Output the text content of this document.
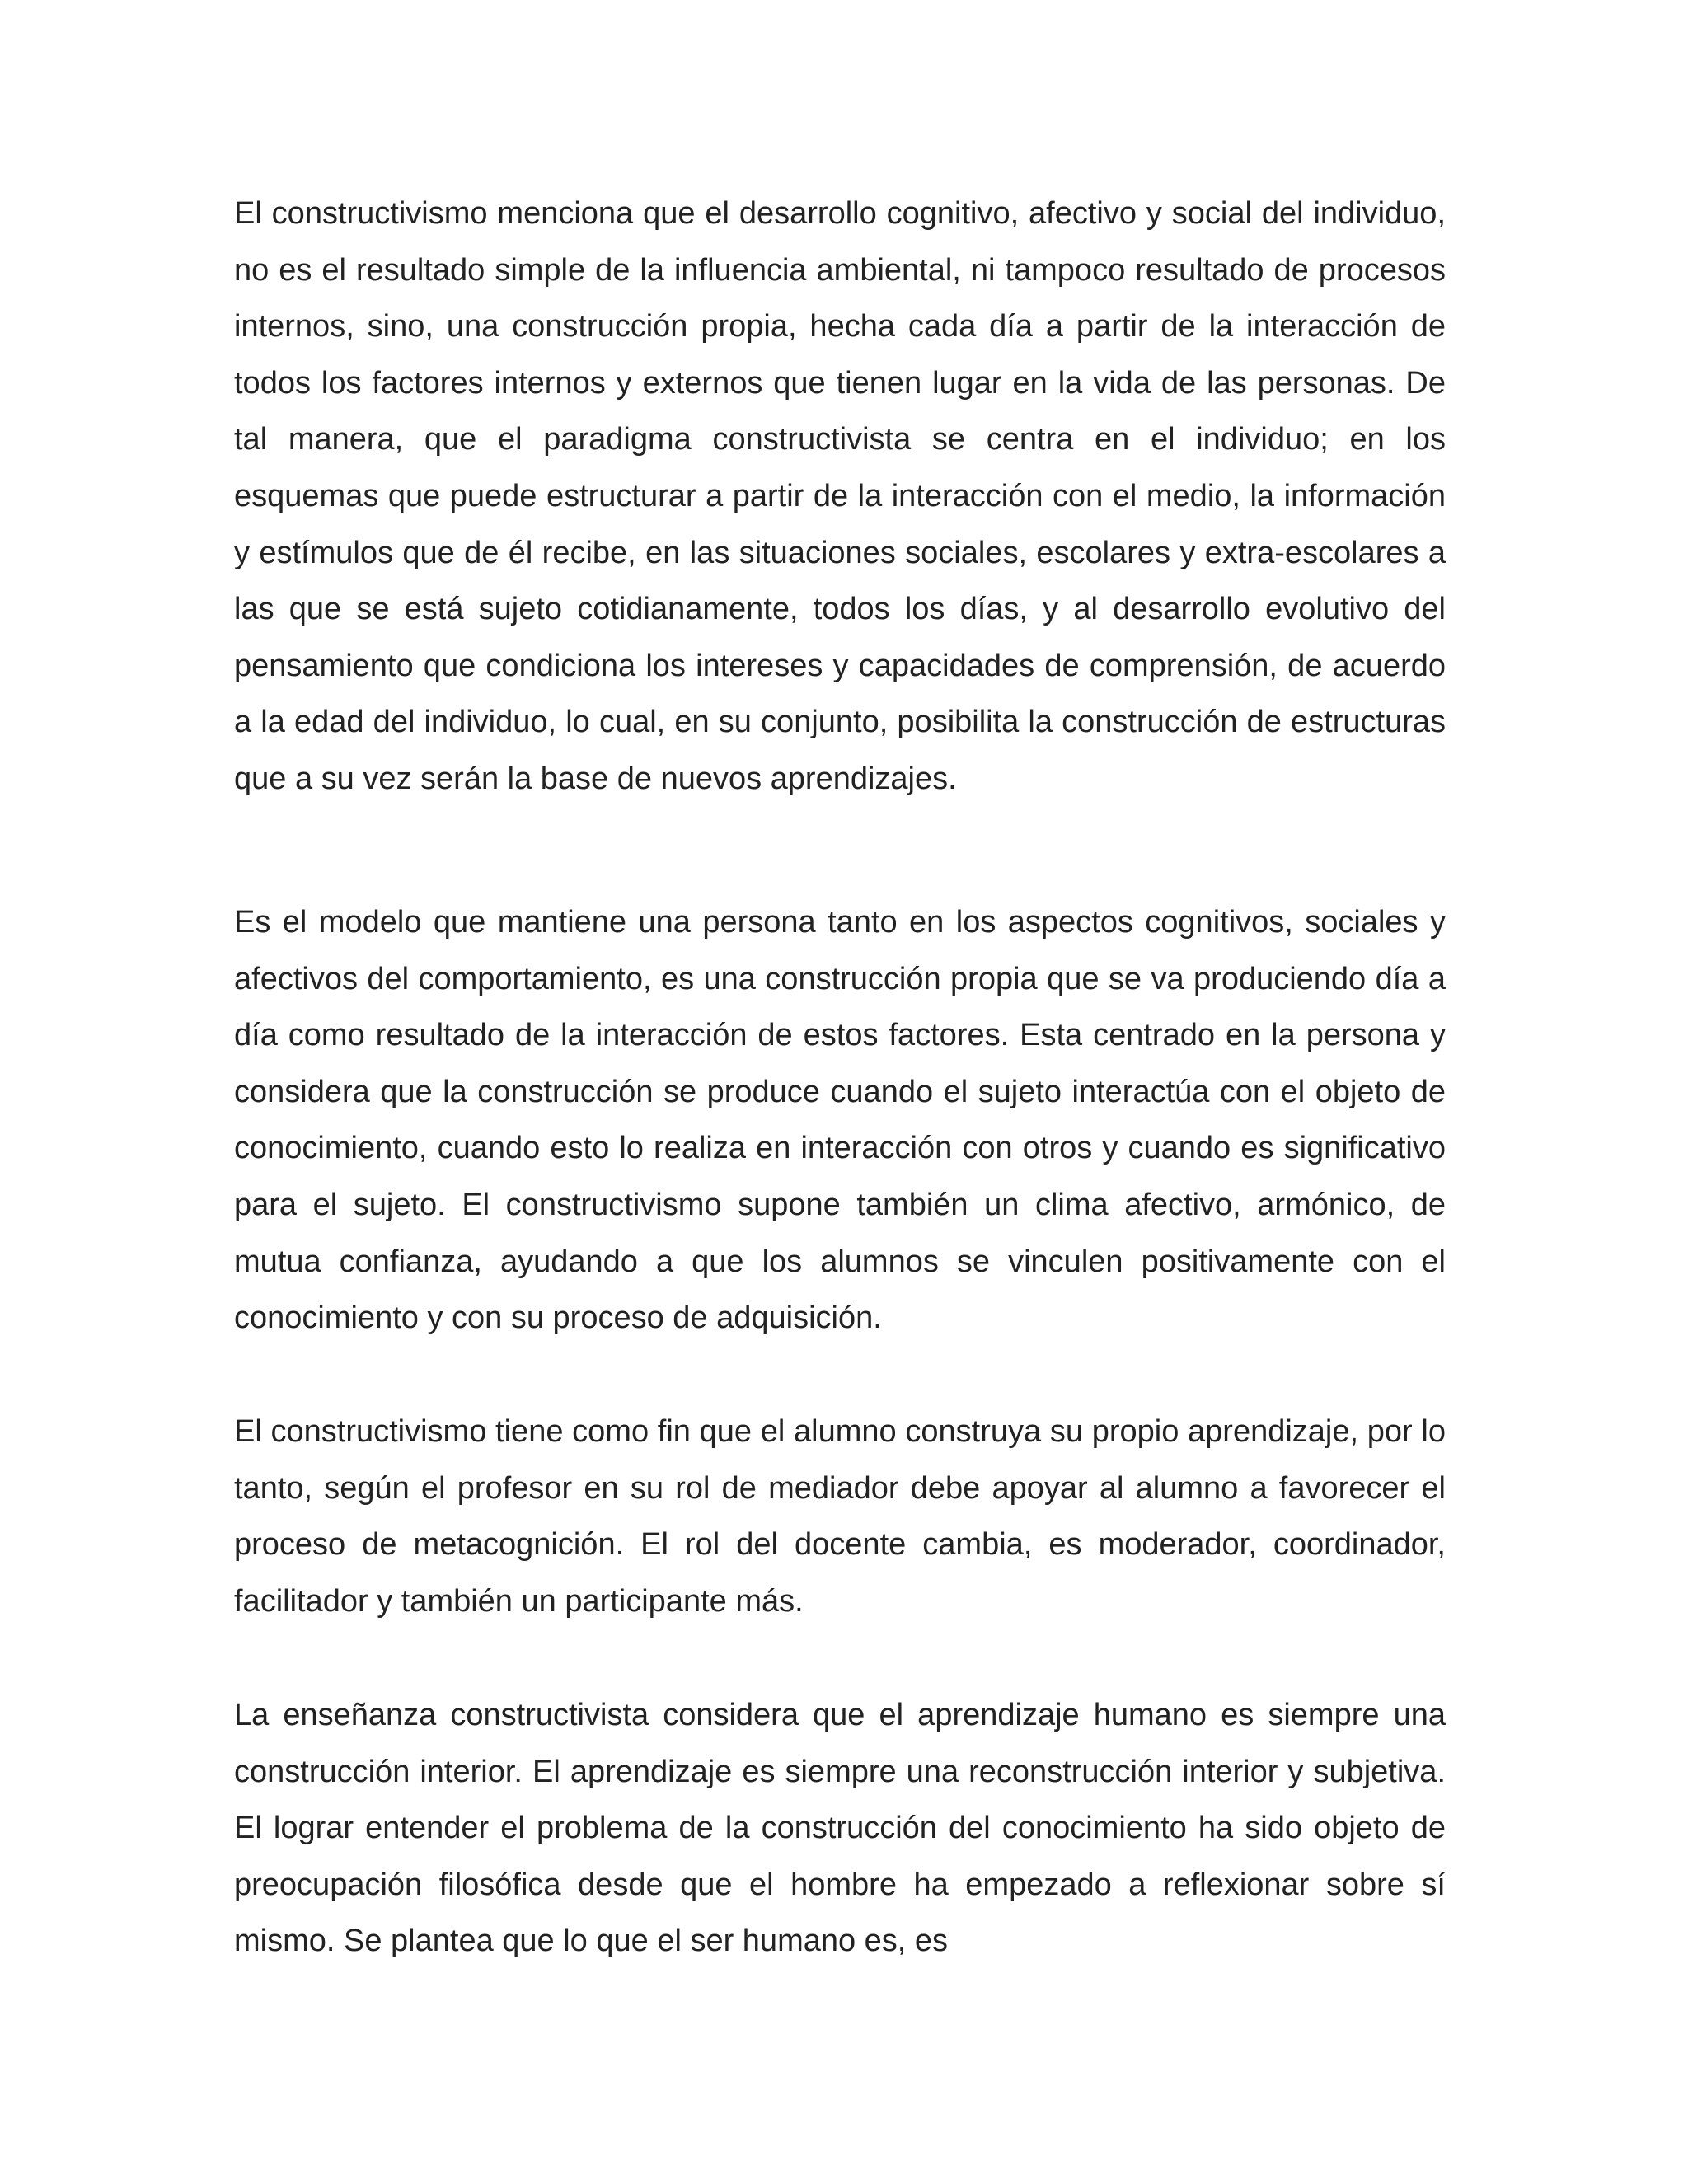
El constructivismo menciona que el desarrollo cognitivo, afectivo y social del individuo, no es el resultado simple de la influencia ambiental, ni tampoco resultado de procesos internos, sino, una construcción propia, hecha cada día a partir de la interacción de todos los factores internos y externos que tienen lugar en la vida de las personas. De tal manera, que el paradigma constructivista se centra en el individuo; en los esquemas que puede estructurar a partir de la interacción con el medio, la información y estímulos que de él recibe, en las situaciones sociales, escolares y extra-escolares a las que se está sujeto cotidianamente, todos los días, y al desarrollo evolutivo del pensamiento que condiciona los intereses y capacidades de comprensión, de acuerdo a la edad del individuo, lo cual, en su conjunto, posibilita la construcción de estructuras que a su vez serán la base de nuevos aprendizajes.

Es el modelo que mantiene una persona tanto en los aspectos cognitivos, sociales y afectivos del comportamiento, es una construcción propia que se va produciendo día a día como resultado de la interacción de estos factores. Esta centrado en la persona y considera que la construcción se produce cuando el sujeto interactúa con el objeto de conocimiento, cuando esto lo realiza en interacción con otros y cuando es significativo para el sujeto. El constructivismo supone también un clima afectivo, armónico, de mutua confianza, ayudando a que los alumnos se vinculen positivamente con el conocimiento y con su proceso de adquisición.

El constructivismo tiene como fin que el alumno construya su propio aprendizaje, por lo tanto, según el profesor en su rol de mediador debe apoyar al alumno a favorecer el proceso de metacognición. El rol del docente cambia, es moderador, coordinador, facilitador y también un participante más.

La enseñanza constructivista considera que el aprendizaje humano es siempre una construcción interior. El aprendizaje es siempre una reconstrucción interior y subjetiva. El lograr entender el problema de la construcción del conocimiento ha sido objeto de preocupación filosófica desde que el hombre ha empezado a reflexionar sobre sí mismo. Se plantea que lo que el ser humano es, es
